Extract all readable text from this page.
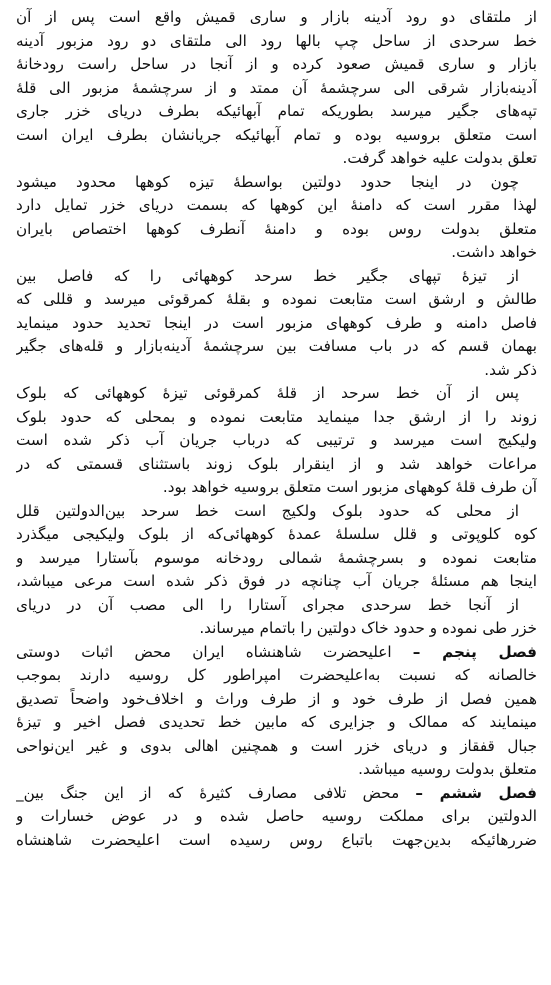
از ملتقای دو رود آدینه بازار و ساری قمیش واقع است پس از آن
خط سرحدی از ساحل چپ بالها رود الی ملتقای دو رود مزبور آدینه
بازار و ساری قمیش صعود کرده و از آنجا در ساحل راست رودخانهٔ
آدینه‌بازار شرقی الی سرچشمهٔ آن ممتد و از سرچشمهٔ مزبور الی قلهٔ
تپه‌های جگیر میرسد بطوریکه تمام آبهائیکه بطرف دریای خزر جاری
است متعلق بروسیه بوده و تمام آبهائیکه جریانشان بطرف ایران است
تعلق بدولت علیه خواهد گرفت.
چون در اینجا حدود دولتین بواسطهٔ تیزه کوهها محدود میشود
لهذا مقرر است که دامنهٔ این کوهها که بسمت دریای خزر تمایل دارد
متعلق بدولت روس بوده و دامنهٔ آنطرف کوهها اختصاص بایران
خواهد داشت.
از تیزهٔ تپهای جگیر خط سرحد کوهها‌ئی را که فاصل بین
طالش و ارشق است متابعت نموده و بقلهٔ کمرقوئی میرسد و قللی که
فاصل دامنه و طرف کوههای مزبور است در اینجا تحدید حدود مینماید
بهمان قسم که در باب مسافت بین سرچشمهٔ آدینه‌بازار و قله‌های جگیر
ذکر شد.
پس از آن خط سرحد از قلهٔ کمرقوئی تیزهٔ کوهها‌ئی که بلوک
زوند را از ارشق جدا مینماید متابعت نموده و بمحلی که حدود بلوک
ولیکیج است میرسد و ترتیبی که درباب جریان آب ذکر شده است
مراعات خواهد شد و از اینقرار بلوک زوند باستثنای قسمتی که در
آن طرف قلهٔ کوههای مزبور است متعلق بروسیه خواهد بود.
از محلی که حدود بلوک ولکیج است خط سرحد بین‌الدولتین قلل
کوه کلوپوتی و قلل سلسلهٔ عمدهٔ کوهها‌ئی‌که از بلوک ولیکیجی میگذرد
متابعت نموده و بسرچشمهٔ شمالی رودخانه موسوم بآستارا میرسد و
اینجا هم مسئلهٔ جریان آب چنانچه در فوق ذکر شده است مرعی میباشد،
از آنجا خط سرحدی مجرای آستارا را الی مصب آن در دریای
خزر طی نموده و حدود خاک دولتین را باتمام میرساند.
فصل پنجم – اعلیحضرت شاهنشاه ایران محض اثبات دوستی
خالصانه که نسبت به‌اعلیحضرت امپراطور کل روسیه دارند بموجب
همین فصل از طرف خود و از طرف وراث و اخلاف‌خود واضحاً تصدیق
مینمایند که ممالک و جزایری که مابین خط تحدیدی فصل اخیر و تیزهٔ
جبال قفقاز و دریای خزر است و همچنین اهالی بدوی و غیر این‌نواحی
متعلق بدولت روسیه میباشد.
فصل ششم – محض تلافی مصارف کثیرهٔ که از این جنگ بین_
الدولتین برای مملکت روسیه حاصل شده و در عوض خسارات و
ضررهائیکه بدین‌جهت باتباع روس رسیده است اعلیحضرت شاهنشاه
